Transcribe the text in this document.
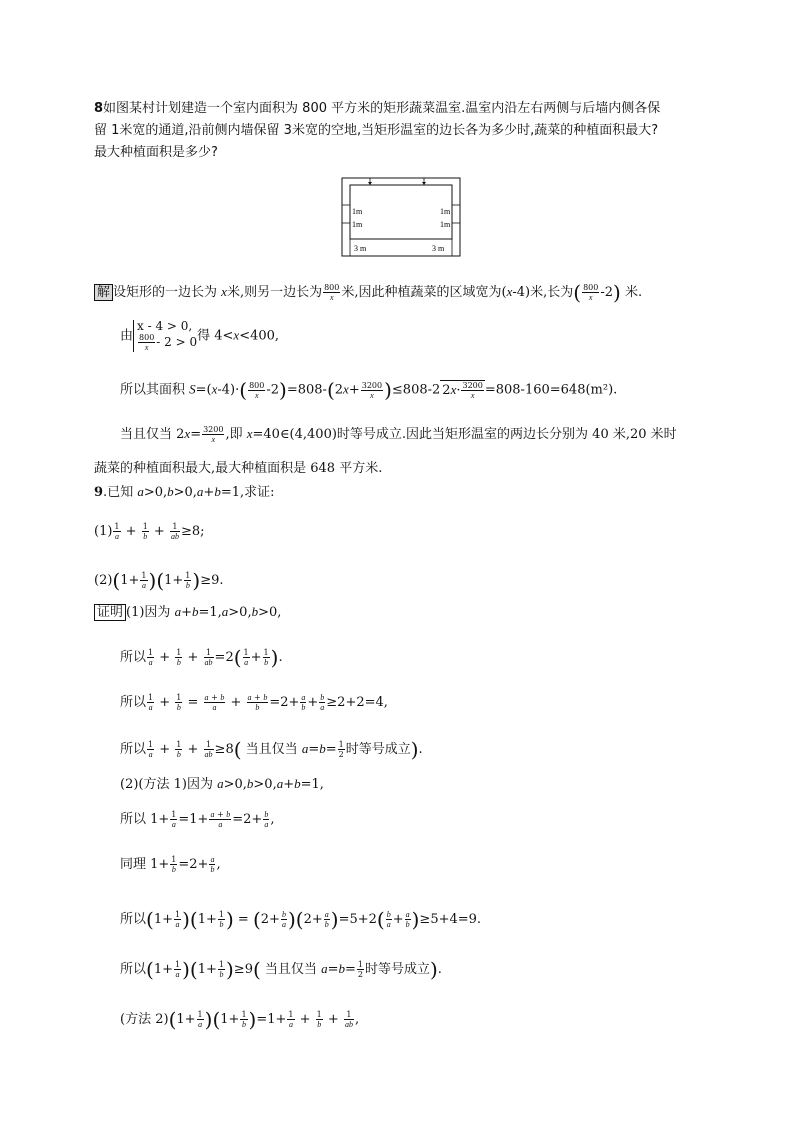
8如图某村计划建造一个室内面积为 800 平方米的矩形蔬菜温室.温室内沿左右两侧与后墙内侧各保
留 1米宽的通道,沿前侧内墙保留 3米宽的空地,当矩形温室的边长各为多少时,蔬菜的种植面积最大?
最大种植面积是多少?
1
1
m
m
1
1
m
m
3 m	3 m
解 设矩形的一边长为 x米,则另一边长为 $\frac{800}{x}$ 米,因此种植蔬菜的区域宽为(x-4)米,长为( $\frac{800}{x} -2$) 米.
由x - 4 > 0,

$\frac{800}{x} - 2 > 0$得 4<x<400,
所以其面积 $S=(x-4)\cdot( \frac{800}{x} -2)=808-(2x+ \frac{3200}{x} )\le 808-2$ $2x\cdot \frac{3200}{x} =808-160=648(m^2)$.
当且仅当 $2x= \frac{3200}{x}$ ,即 x=40∈(4,400)时等号成立.因此当矩形温室的两边长分别为 40 米,20 米时
蔬菜的种植面积最大,最大种植面积是 648 平方米.
9.已知 a>0,b>0,a+b=1,求证:
$(1) \frac{1}{a} + \frac{1}{b} + \frac{1}{ab} \ge 8$;
$(2)(1+ \frac{1}{a} )(1+ \frac{1}{b} )\ge 9$.
证明 (1)因为 a+b=1,a>0,b>0,
所以 $\frac{1}{a} + \frac{1}{b} + \frac{1}{ab} =2( \frac{1}{a} + \frac{1}{b}$ ).
所以 $\frac{1}{a} + \frac{1}{b} = \frac{a + b}{a} + \frac{a + b}{b} =2+ \frac{a}{b} + \frac{b}{a} \ge 2+2=4$,
所以 $\frac{1}{a} + \frac{1}{b} + \frac{1}{ab} \ge 8$( 当且仅当 $a=b= \frac{1}{2}$ 时等号成立).
(2)(方法 1)因为 a>0,b>0,a+b=1,
所以 $1+ \frac{1}{a} =1+ \frac{a + b}{a} =2+ \frac{b}{a}$ ,
同理 $1+ \frac{1}{b} =2+ \frac{a}{b}$ ,
所以$(1+ \frac{1}{a} )(1+ \frac{1}{b}$ ) = $(2+ \frac{b}{a} )(2+ \frac{a}{b} )=5+2( \frac{b}{a} + \frac{a}{b} )\ge 5+4=9$.
所以$(1+ \frac{1}{a} )(1+ \frac{1}{b} )\ge 9$( 当且仅当 $a=b= \frac{1}{2}$ 时等号成立).
(方法 $2)(1+ \frac{1}{a} )(1+ \frac{1}{b} )=1+ \frac{1}{a} + \frac{1}{b} + \frac{1}{ab}$ ,
